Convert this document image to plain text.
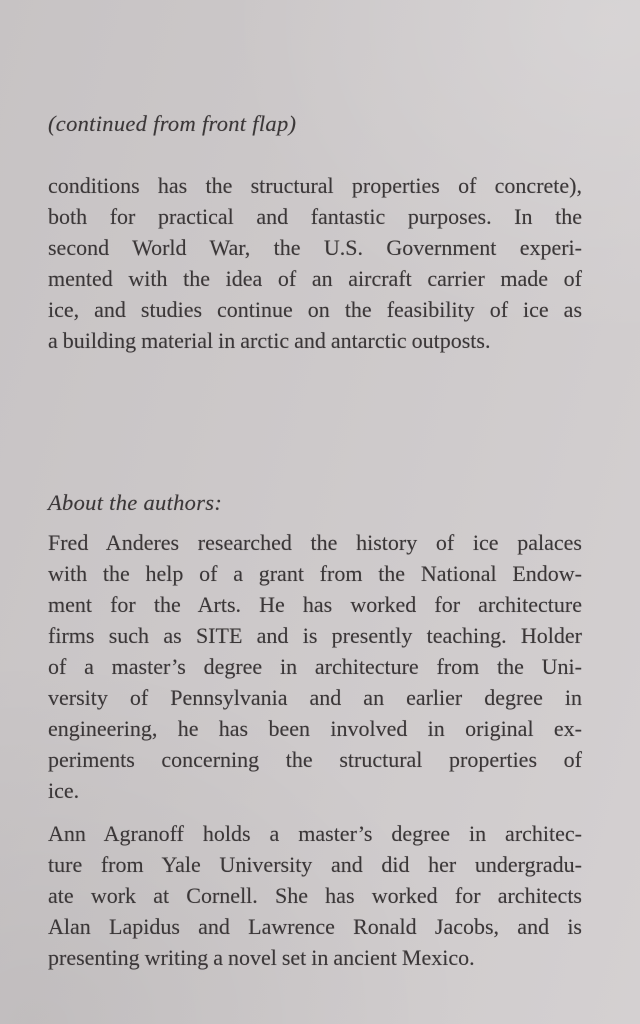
(continued from front flap)
conditions has the structural properties of concrete),
both for practical and fantastic purposes. In the
second World War, the U.S. Government experi-
mented with the idea of an aircraft carrier made of
ice, and studies continue on the feasibility of ice as
a building material in arctic and antarctic outposts.
About the authors:
Fred Anderes researched the history of ice palaces
with the help of a grant from the National Endow-
ment for the Arts. He has worked for architecture
firms such as SITE and is presently teaching. Holder
of a master’s degree in architecture from the Uni-
versity of Pennsylvania and an earlier degree in
engineering, he has been involved in original ex-
periments concerning the structural properties of
ice.
Ann Agranoff holds a master’s degree in architec-
ture from Yale University and did her undergradu-
ate work at Cornell. She has worked for architects
Alan Lapidus and Lawrence Ronald Jacobs, and is
presenting writing a novel set in ancient Mexico.
